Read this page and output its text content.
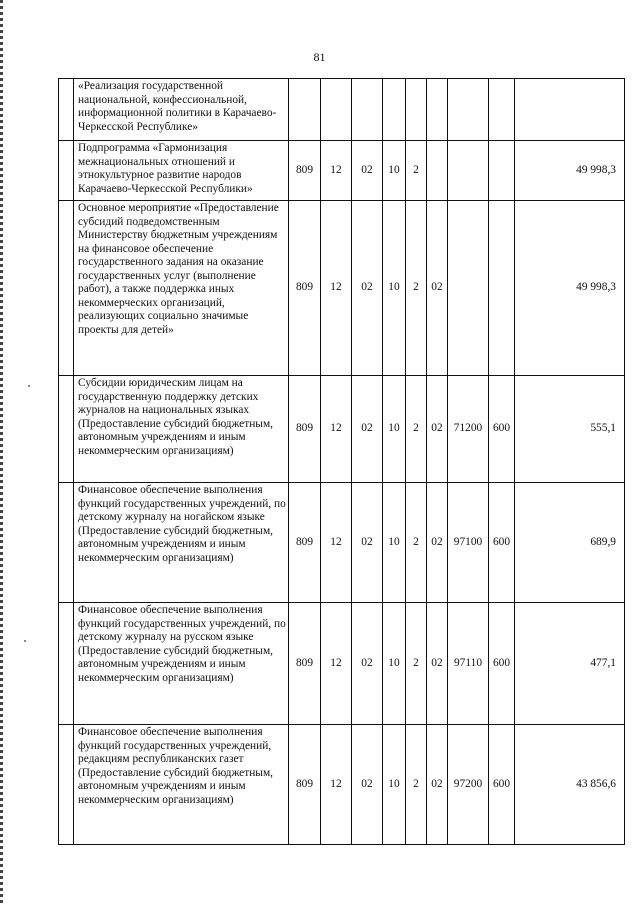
81
	«Реализация государственной национальной, конфессиональной, информационной политики в Карачаево-Черкесской Республике»									
	Подпрограмма «Гармонизация межнациональных отношений и этнокультурное развитие народов Карачаево-Черкесской Республики»	809	12	02	10	2				49 998,3
	Основное мероприятие «Предоставление субсидий подведомственным Министерству бюджетным учреждениям на финансовое обеспечение государственного задания на оказание государственных услуг (выполнение работ), а также поддержка иных некоммерческих организаций, реализующих социально значимые проекты для детей»	809	12	02	10	2	02			49 998,3
	Субсидии юридическим лицам на государственную поддержку детских журналов на национальных языках (Предоставление субсидий бюджетным, автономным учреждениям и иным некоммерческим организациям)	809	12	02	10	2	02	71200	600	555,1
	Финансовое обеспечение выполнения функций государственных учреждений, по детскому журналу на ногайском языке (Предоставление субсидий бюджетным, автономным учреждениям и иным некоммерческим организациям)	809	12	02	10	2	02	97100	600	689,9
	Финансовое обеспечение выполнения функций государственных учреждений, по детскому журналу на русском языке (Предоставление субсидий бюджетным, автономным учреждениям и иным некоммерческим организациям)	809	12	02	10	2	02	97110	600	477,1
	Финансовое обеспечение выполнения функций государственных учреждений, редакциям республиканских газет (Предоставление субсидий бюджетным, автономным учреждениям и иным некоммерческим организациям)	809	12	02	10	2	02	97200	600	43 856,6
